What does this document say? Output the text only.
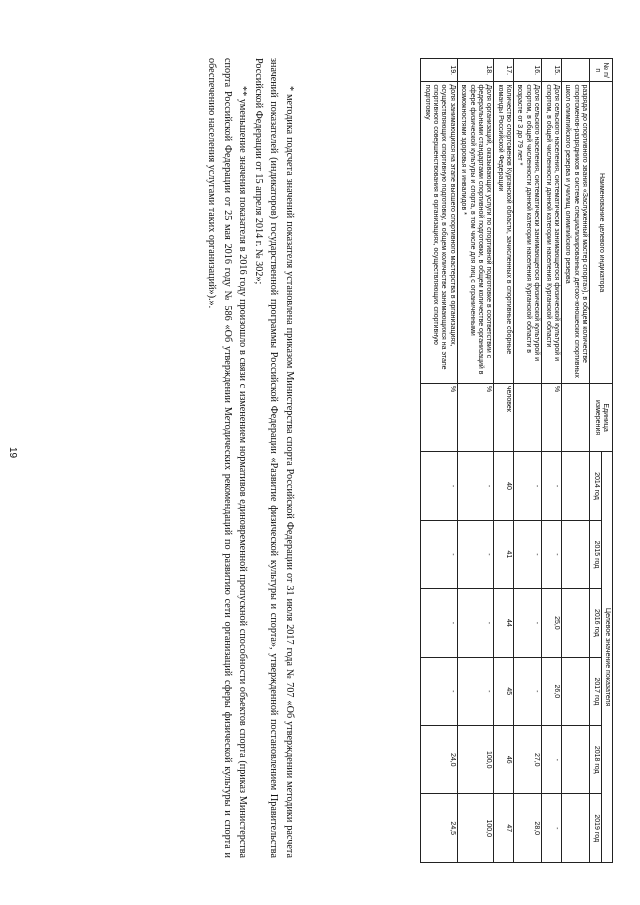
19
№ п/п	Наименование целевого индикатора	Единица измерения	Целевое значение показателя					
			2014 год	2015 год	2016 год	2017 год	2018 год	2019 год
	разряда до спортивного звания «Заслуженный мастер спорта»), в общем количестве спортсменов-разрядников в системе специализированных детско-юношеских спортивных школ олимпийского резерва и училищ олимпийского резерва							
15.	Доля сельского населения, систематически занимающегося физической культурой и спортом, в общей численности данной категории населения Курганской области	%	-	-	25,0	26,0	-	-
16.	Доля сельского населения, систематически занимающегося физической культурой и спортом, в общей численности данной категории населения Курганской области в возрасте от 3 до 79 лет *		-	-	-	-	27,0	28,0
17.	Количество спортсменов Курганской области, зачисленных в спортивные сборные команды Российской Федерации	человек	40	41	44	45	46	47
18.	Доля организаций, оказывающих услуги по спортивной подготовке в соответствии с федеральными стандартами спортивной подготовки, в общем количестве организаций в сфере физической культуры и спорта, в том числе для лиц с ограниченными возможностями здоровья и инвалидов *	%	-	-	-	-	100,0	100,0
19.	Доля занимающихся на этапе высшего спортивного мастерства в организациях, осуществляющих спортивную подготовку, в общем количестве занимающихся на этапе спортивного совершенствования в организациях, осуществляющих спортивную подготовку	%	-	-	-	-	24,0	24,5

* методика подсчета значений показателя установлена приказом Министерства спорта Российской Федерации от 31 июля 2017 года № 707 «Об утверждении методики расчета значений показателей (индикаторов) государственной программы Российской Федерации «Развитие физической культуры и спорта», утвержденной постановлением Правительства Российской Федерации от 15 апреля 2014 г. № 302»;

** уменьшение значения показателя в 2016 году произошло в связи с изменением нормативов единовременной пропускной способности объектов спорта (приказ Министерства спорта Российской Федерации от 25 мая 2016 году № 586 «Об утверждении Методических рекомендаций по развитию сети организаций сферы физической культуры и спорта и обеспечению населения услугами таких организаций»).».
